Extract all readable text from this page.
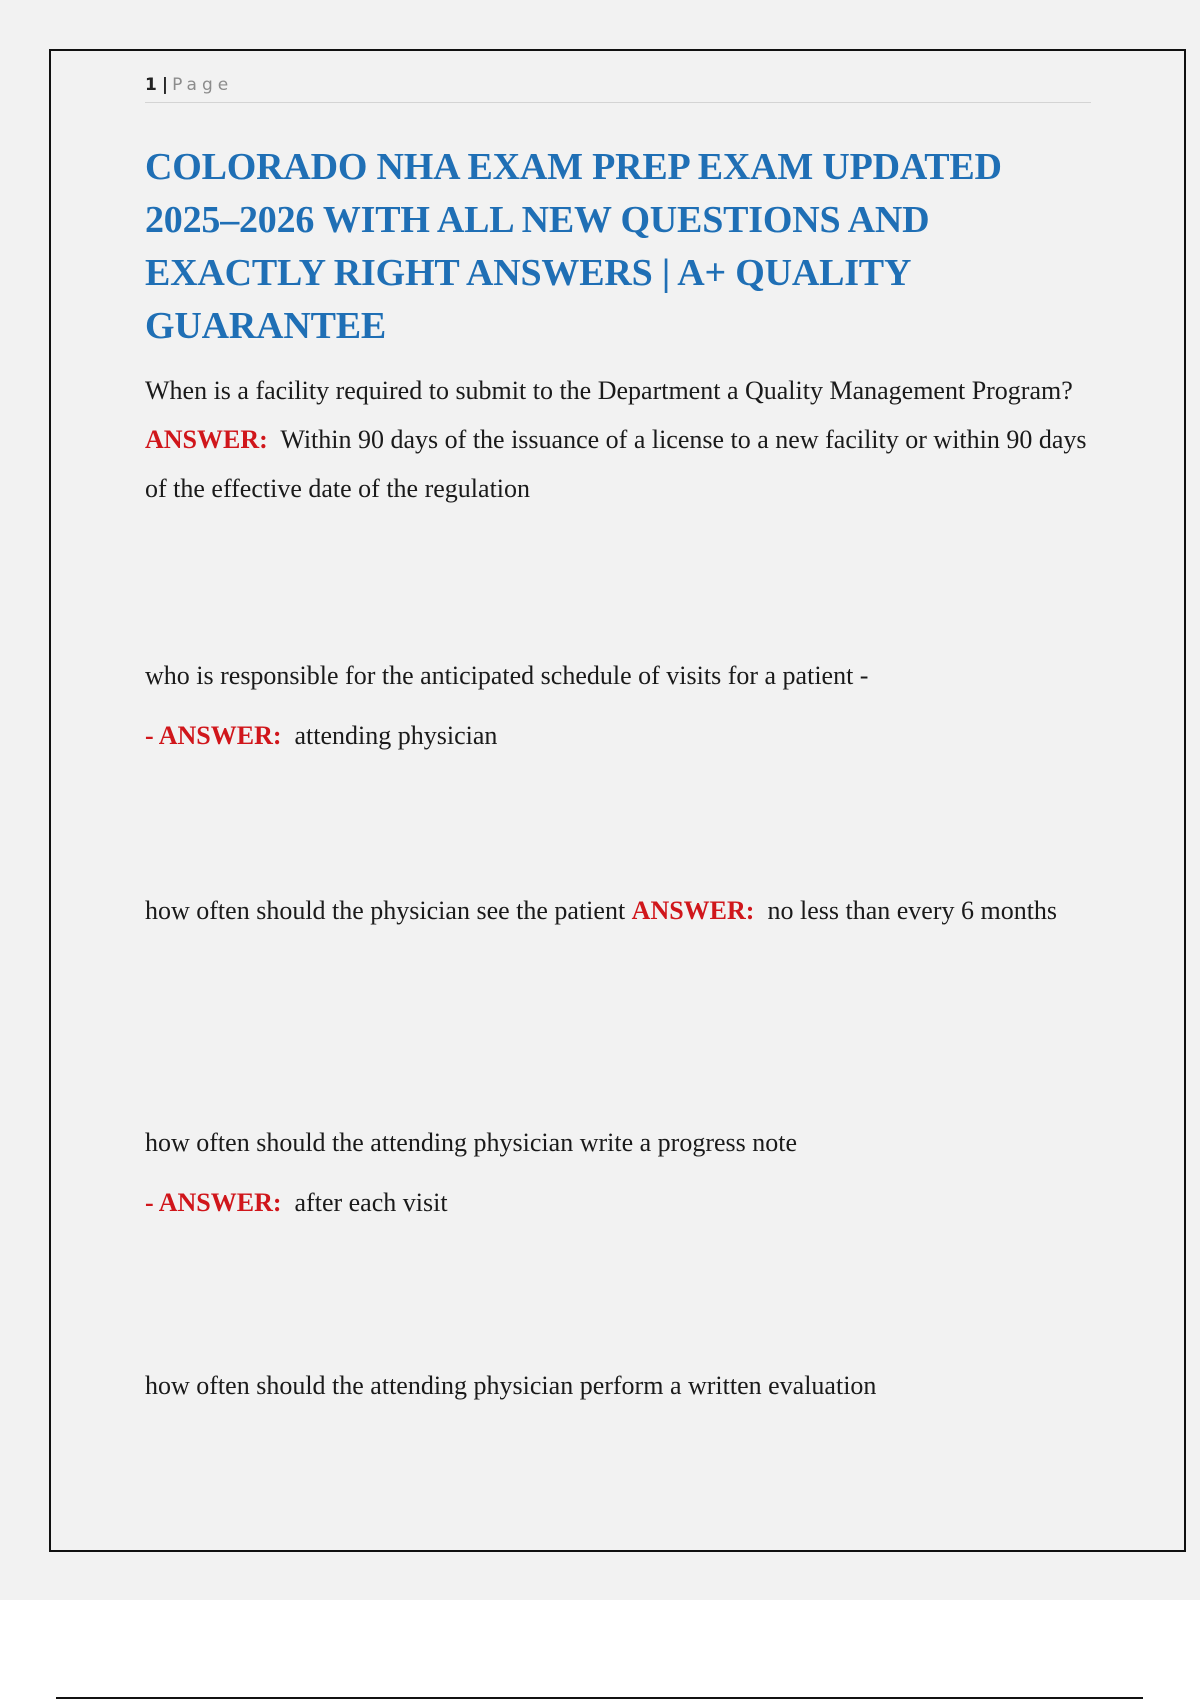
1 | Page
COLORADO NHA EXAM PREP EXAM UPDATED 2025–2026 WITH ALL NEW QUESTIONS AND EXACTLY RIGHT ANSWERS | A+ QUALITY GUARANTEE
When is a facility required to submit to the Department a Quality Management Program? ANSWER: Within 90 days of the issuance of a license to a new facility or within 90 days of the effective date of the regulation

who is responsible for the anticipated schedule of visits for a patient -

- ANSWER: attending physician

how often should the physician see the patient ANSWER: no less than every 6 months

how often should the attending physician write a progress note

- ANSWER: after each visit

how often should the attending physician perform a written evaluation
